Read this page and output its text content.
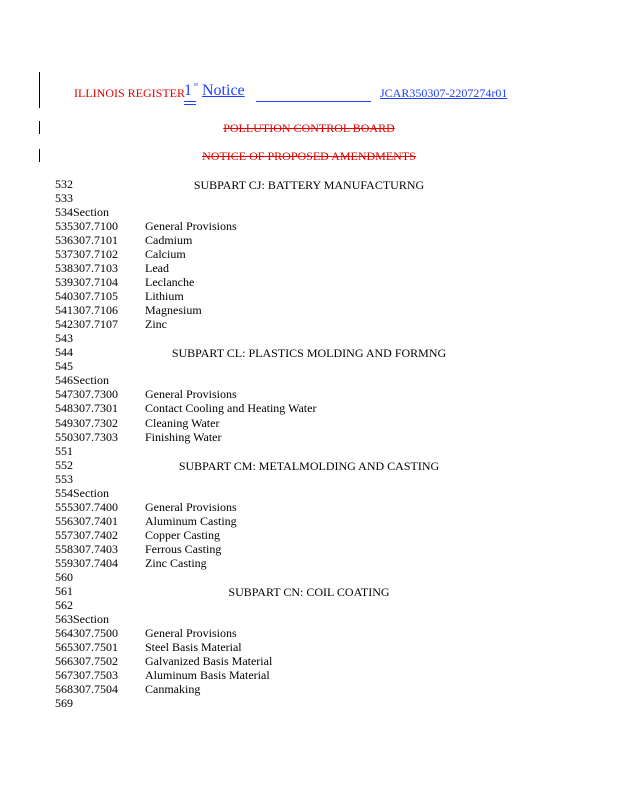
ILLINOIS REGISTER 1 st Notice	JCAR350307-2207274r01
POLLUTION CONTROL BOARD
NOTICE OF PROPOSED AMENDMENTS
532	SUBPART CJ: BATTERY MANUFACTURNG
533
534 Section
535 307.7100 General Provisions
536 307.7101 Cadmium
537 307.7102 Calcium
538 307.7103 Lead
539 307.7104 Leclanche
540 307.7105 Lithium
541 307.7106 Magnesium
542 307.7107 Zinc
543
544	SUBPART CL: PLASTICS MOLDING AND FORMNG
545
546 Section
547 307.7300 General Provisions
548 307.7301 Contact Cooling and Heating Water
549 307.7302 Cleaning Water
550 307.7303 Finishing Water
551
552	SUBPART CM: METALMOLDING AND CASTING
553
554 Section
555 307.7400 General Provisions
556 307.7401 Aluminum Casting
557 307.7402 Copper Casting
558 307.7403 Ferrous Casting
559 307.7404 Zinc Casting
560
561	SUBPART CN: COIL COATING
562
563 Section
564 307.7500 General Provisions
565 307.7501 Steel Basis Material
566 307.7502 Galvanized Basis Material
567 307.7503 Aluminum Basis Material
568 307.7504 Canmaking
569
